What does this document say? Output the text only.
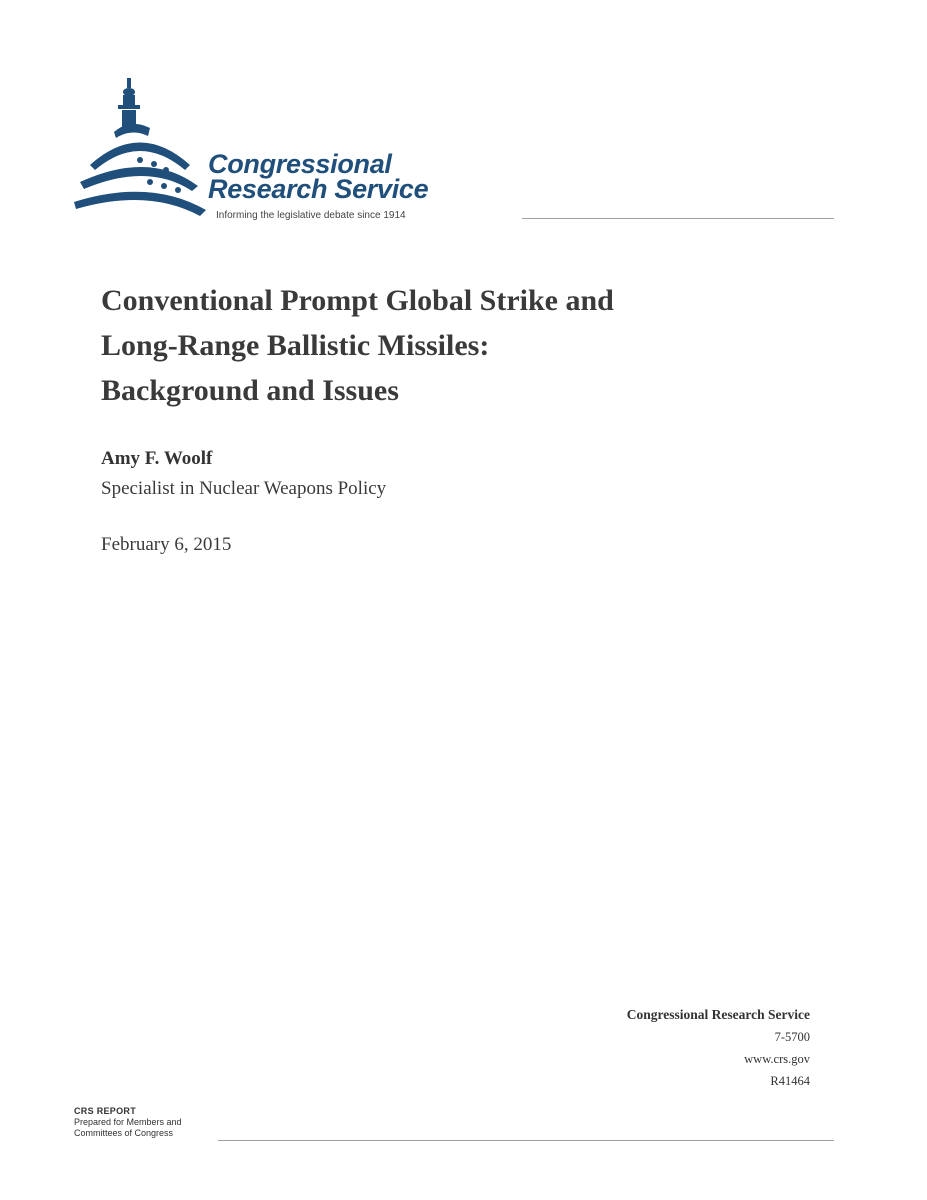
Congressional
Research Service
Informing the legislative debate since 1914
Conventional Prompt Global Strike and
Long-Range Ballistic Missiles:
Background and Issues
Amy F. Woolf
Specialist in Nuclear Weapons Policy
February 6, 2015
Congressional Research Service
7-5700
www.crs.gov
R41464
CRS REPORT
Prepared for Members and
Committees of Congress
